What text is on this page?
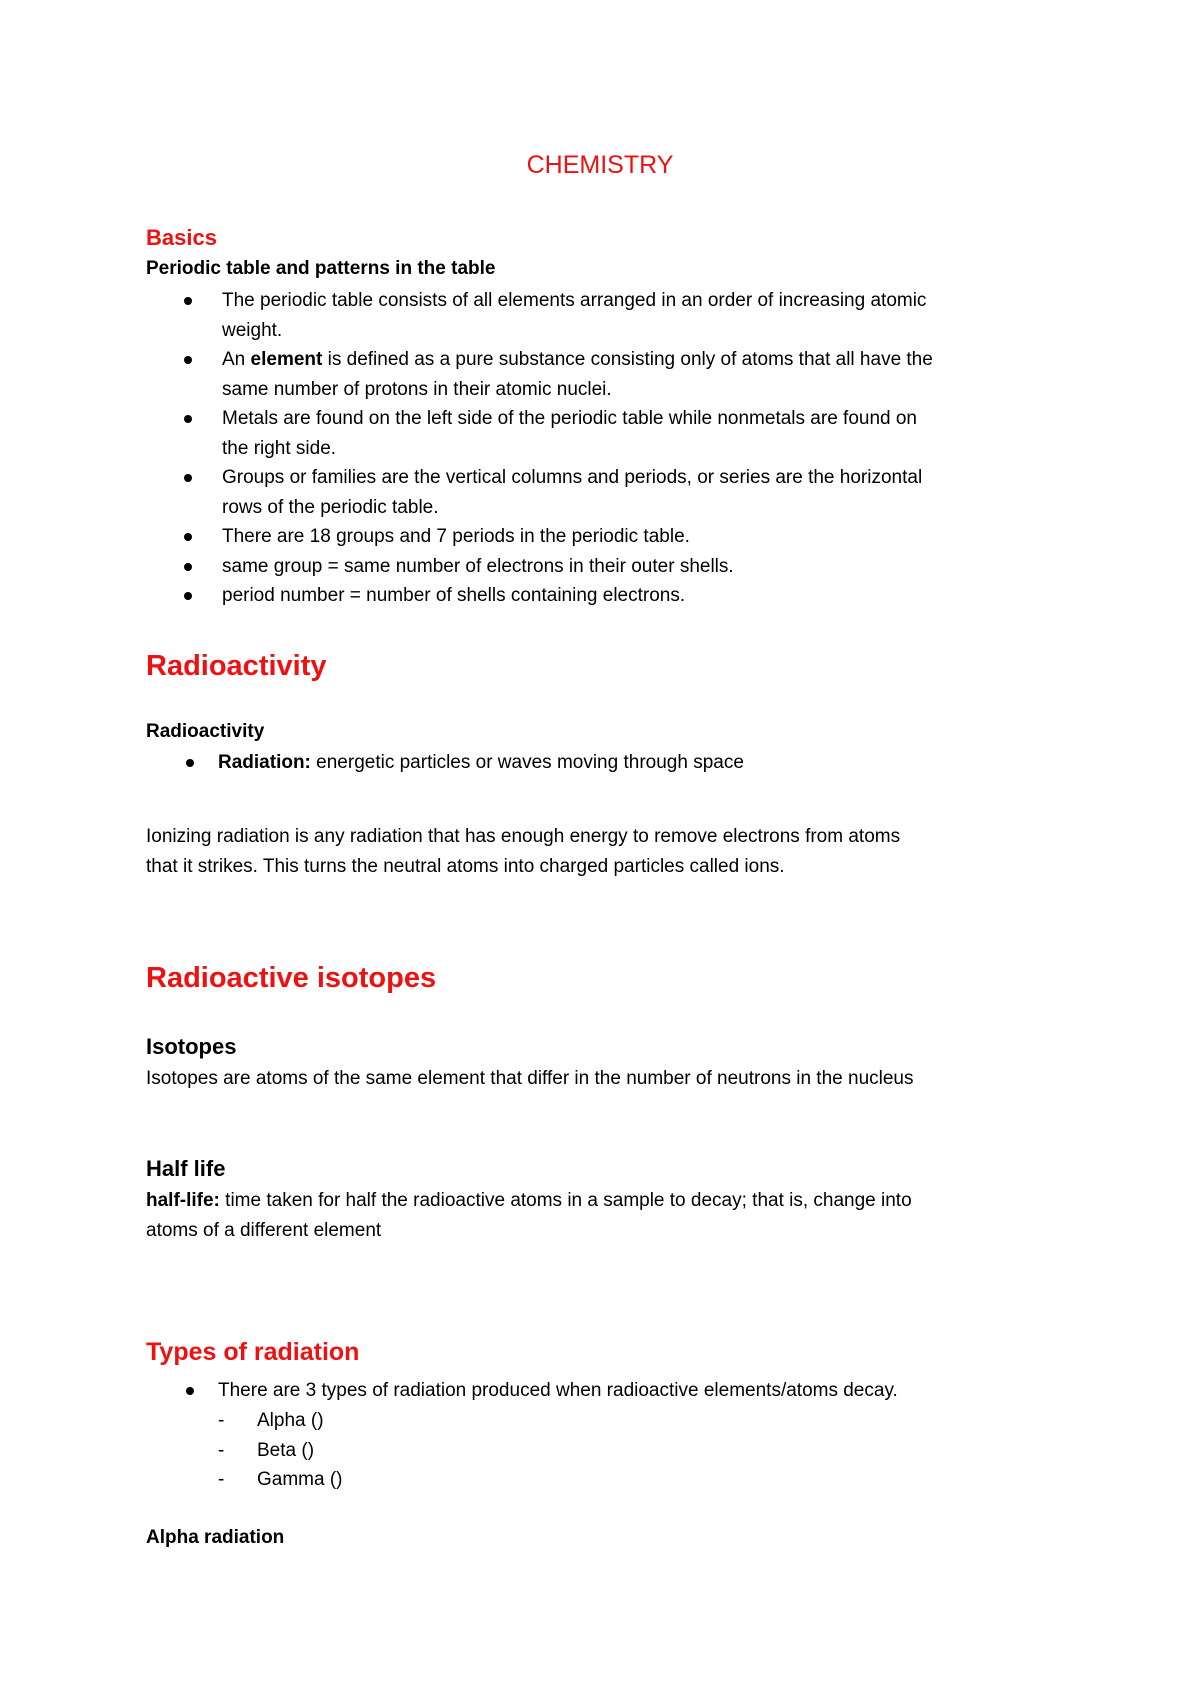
CHEMISTRY
Basics
Periodic table and patterns in the table
The periodic table consists of all elements arranged in an order of increasing atomic
weight.
An element is defined as a pure substance consisting only of atoms that all have the
same number of protons in their atomic nuclei.
Metals are found on the left side of the periodic table while nonmetals are found on
the right side.
Groups or families are the vertical columns and periods, or series are the horizontal
rows of the periodic table.
There are 18 groups and 7 periods in the periodic table.
same group = same number of electrons in their outer shells.
period number = number of shells containing electrons.
Radioactivity
Radioactivity
Radiation: energetic particles or waves moving through space
Ionizing radiation is any radiation that has enough energy to remove electrons from atoms
that it strikes. This turns the neutral atoms into charged particles called ions.
Radioactive isotopes
Isotopes
Isotopes are atoms of the same element that differ in the number of neutrons in the nucleus
Half life
half-life: time taken for half the radioactive atoms in a sample to decay; that is, change into
atoms of a different element
Types of radiation
There are 3 types of radiation produced when radioactive elements/atoms decay.
- Alpha ()
- Beta ()
- Gamma ()
Alpha radiation
